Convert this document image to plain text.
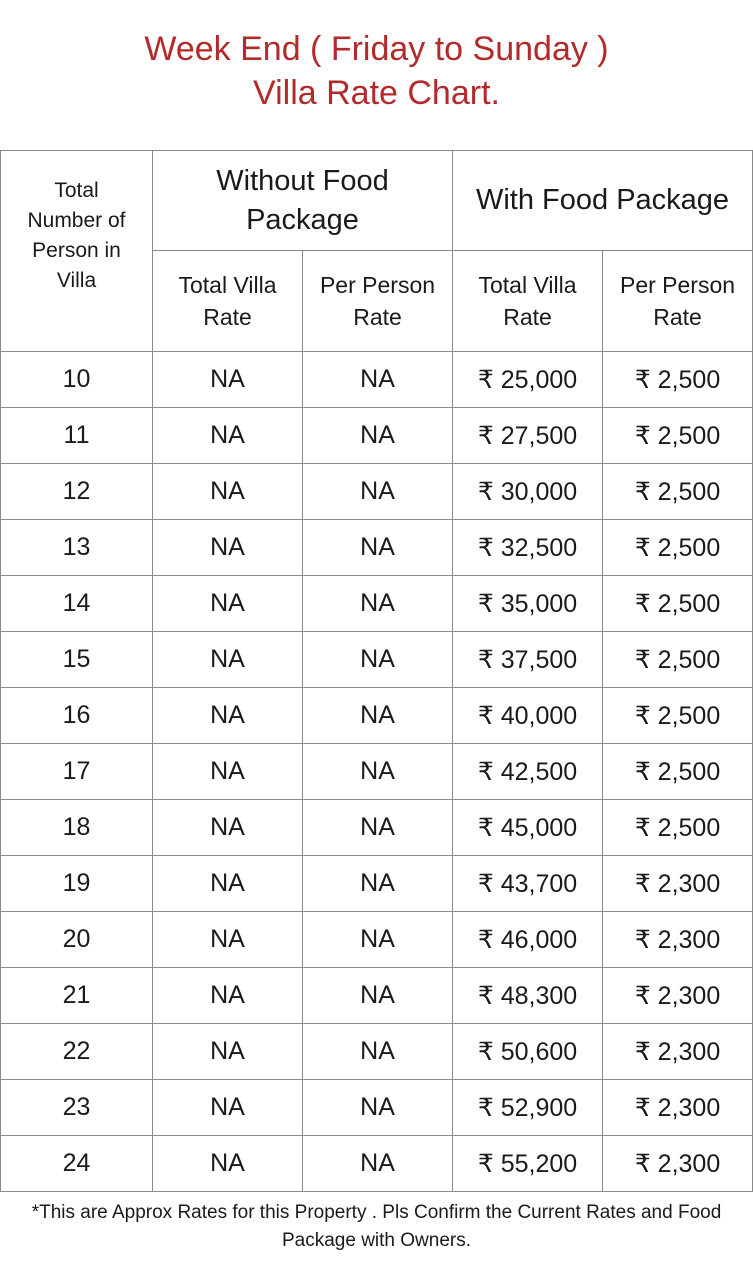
Week End ( Friday to Sunday )
Villa Rate Chart.
Total Number of Person in Villa	Without Food Package		With Food Package	
	Total Villa Rate	Per Person Rate	Total Villa Rate	Per Person Rate
10	NA	NA	₹ 25,000	₹ 2,500
11	NA	NA	₹ 27,500	₹ 2,500
12	NA	NA	₹ 30,000	₹ 2,500
13	NA	NA	₹ 32,500	₹ 2,500
14	NA	NA	₹ 35,000	₹ 2,500
15	NA	NA	₹ 37,500	₹ 2,500
16	NA	NA	₹ 40,000	₹ 2,500
17	NA	NA	₹ 42,500	₹ 2,500
18	NA	NA	₹ 45,000	₹ 2,500
19	NA	NA	₹ 43,700	₹ 2,300
20	NA	NA	₹ 46,000	₹ 2,300
21	NA	NA	₹ 48,300	₹ 2,300
22	NA	NA	₹ 50,600	₹ 2,300
23	NA	NA	₹ 52,900	₹ 2,300
24	NA	NA	₹ 55,200	₹ 2,300
*This are Approx Rates for this Property . Pls Confirm the Current Rates and Food Package with Owners.
